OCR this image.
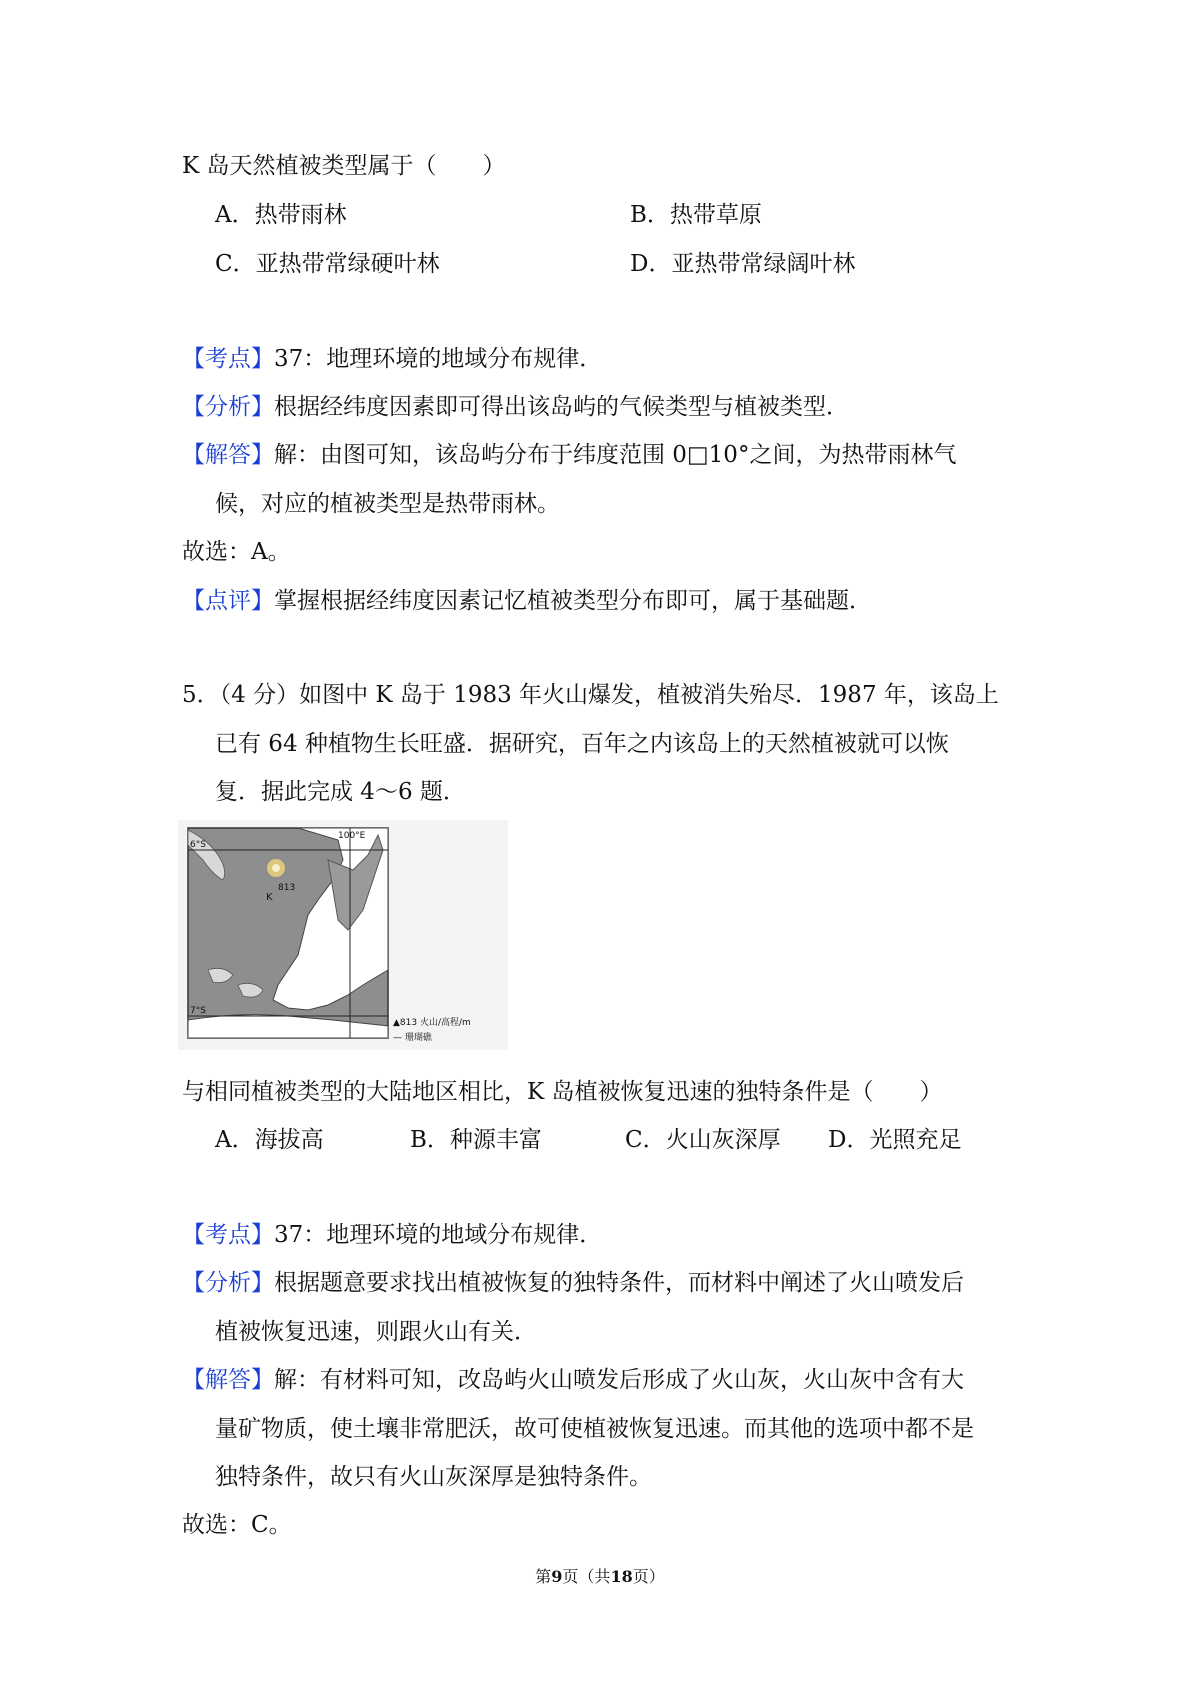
K 岛天然植被类型属于（　　）
A．热带雨林	B．热带草原
C．亚热带常绿硬叶林	D．亚热带常绿阔叶林
【考点】37：地理环境的地域分布规律．
【分析】根据经纬度因素即可得出该岛屿的气候类型与植被类型．
【解答】解：由图可知，该岛屿分布于纬度范围 0□10°之间，为热带雨林气
候，对应的植被类型是热带雨林。
故选：A。
【点评】掌握根据经纬度因素记忆植被类型分布即可，属于基础题．
5．（4 分）如图中 K 岛于 1983 年火山爆发，植被消失殆尽．1987 年，该岛上
已有 64 种植物生长旺盛．据研究，百年之内该岛上的天然植被就可以恢
复．据此完成 4～6 题．
813
K
100°E
6°S
7°S
▲813 火山/高程/m
— 珊瑚礁
与相同植被类型的大陆地区相比，K 岛植被恢复迅速的独特条件是（　　）
A．海拔高	B．种源丰富	C．火山灰深厚 D．光照充足
【考点】37：地理环境的地域分布规律．
【分析】根据题意要求找出植被恢复的独特条件，而材料中阐述了火山喷发后
植被恢复迅速，则跟火山有关．
【解答】解：有材料可知，改岛屿火山喷发后形成了火山灰，火山灰中含有大
量矿物质，使土壤非常肥沃，故可使植被恢复迅速。而其他的选项中都不是
独特条件，故只有火山灰深厚是独特条件。
故选：C。
第9页（共18页）
